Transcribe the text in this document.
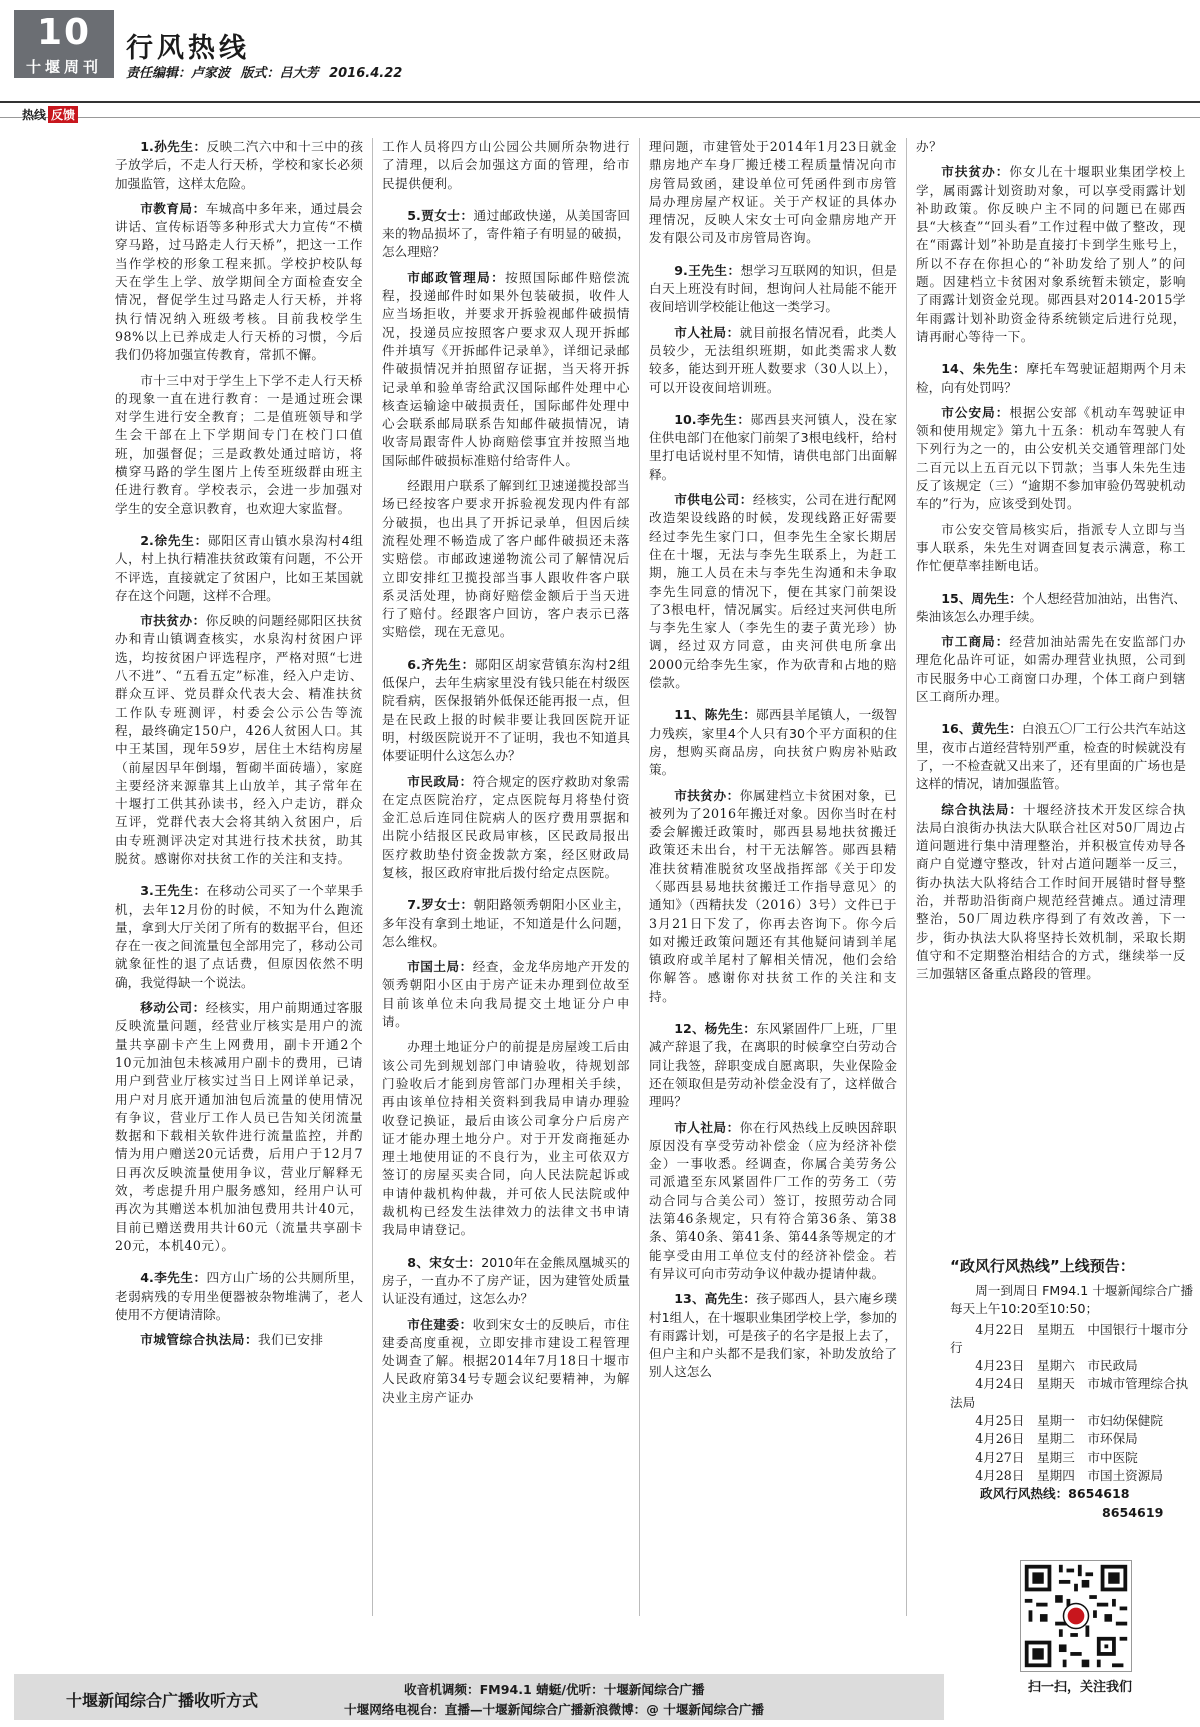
10
十堰周刊
行风热线
责任编辑：卢家波 版式：吕大芳 2016.4.22
热线 反馈

1.孙先生：反映二汽六中和十三中的孩子放学后，不走人行天桥，学校和家长必须加强监管，这样太危险。

市教育局：车城高中多年来，通过晨会讲话、宣传标语等多种形式大力宣传“不横穿马路，过马路走人行天桥”，把这一工作当作学校的形象工程来抓。学校护校队每天在学生上学、放学期间全方面检查安全情况，督促学生过马路走人行天桥，并将执行情况纳入班级考核。目前我校学生98%以上已养成走人行天桥的习惯，今后我们仍将加强宣传教育，常抓不懈。

市十三中对于学生上下学不走人行天桥的现象一直在进行教育：一是通过班会课对学生进行安全教育；二是值班领导和学生会干部在上下学期间专门在校门口值班，加强督促；三是政教处通过暗访，将横穿马路的学生图片上传至班级群由班主任进行教育。学校表示，会进一步加强对学生的安全意识教育，也欢迎大家监督。

2.徐先生：郧阳区青山镇水泉沟村4组人，村上执行精准扶贫政策有问题，不公开不评选，直接就定了贫困户，比如王某国就存在这个问题，这样不合理。

市扶贫办：你反映的问题经郧阳区扶贫办和青山镇调查核实，水泉沟村贫困户评选，均按贫困户评选程序，严格对照“七进八不进”、“五看五定”标准，经入户走访、群众互评、党员群众代表大会、精准扶贫工作队专班测评，村委会公示公告等流程，最终确定150户，426人贫困人口。其中王某国，现年59岁，居住土木结构房屋（前屋因早年倒塌，暂砌半面砖墙），家庭主要经济来源靠其上山放羊，其子常年在十堰打工供其孙读书，经入户走访，群众互评，党群代表大会将其纳入贫困户，后由专班测评决定对其进行技术扶贫，助其脱贫。感谢你对扶贫工作的关注和支持。

3.王先生：在移动公司买了一个苹果手机，去年12月份的时候，不知为什么跑流量，拿到大厅关闭了所有的数据平台，但还存在一夜之间流量包全部用完了，移动公司就象征性的退了点话费，但原因依然不明确，我觉得缺一个说法。

移动公司：经核实，用户前期通过客服反映流量问题，经营业厅核实是用户的流量共享副卡产生上网费用，副卡开通2个10元加油包未核减用户副卡的费用，已请用户到营业厅核实过当日上网详单记录，用户对月底开通加油包后流量的使用情况有争议，营业厅工作人员已告知关闭流量数据和下载相关软件进行流量监控，并酌情为用户赠送20元话费，后用户于12月7日再次反映流量使用争议，营业厅解释无效，考虑提升用户服务感知，经用户认可再次为其赠送本机加油包费用共计40元，目前已赠送费用共计60元（流量共享副卡20元，本机40元）。

4.李先生：四方山广场的公共厕所里，老弱病残的专用坐便器被杂物堆满了，老人使用不方便请清除。

市城管综合执法局：我们已安排

工作人员将四方山公园公共厕所杂物进行了清理，以后会加强这方面的管理，给市民提供便利。

5.贾女士：通过邮政快递，从美国寄回来的物品损坏了，寄件箱子有明显的破损，怎么理赔？

市邮政管理局：按照国际邮件赔偿流程，投递邮件时如果外包装破损，收件人应当场拒收，并要求开拆验视邮件破损情况，投递员应按照客户要求双人现开拆邮件并填写《开拆邮件记录单》，详细记录邮件破损情况并拍照留存证据，当天将开拆记录单和验单寄给武汉国际邮件处理中心核查运输途中破损责任，国际邮件处理中心会联系邮局联系告知邮件破损情况，请收寄局跟寄件人协商赔偿事宜并按照当地国际邮件破损标准赔付给寄件人。

经跟用户联系了解到红卫速递揽投部当场已经按客户要求开拆验视发现内件有部分破损，也出具了开拆记录单，但因后续流程处理不畅造成了客户邮件破损还未落实赔偿。市邮政速递物流公司了解情况后立即安排红卫揽投部当事人跟收件客户联系灵活处理，协商好赔偿金额后于当天进行了赔付。经跟客户回访，客户表示已落实赔偿，现在无意见。

6.齐先生：郧阳区胡家营镇东沟村2组低保户，去年生病家里没有钱只能在村级医院看病，医保报销外低保还能再报一点，但是在民政上报的时候非要让我回医院开证明，村级医院说开不了证明，我也不知道具体要证明什么这怎么办？

市民政局：符合规定的医疗救助对象需在定点医院治疗，定点医院每月将垫付资金汇总后连同住院病人的医疗费用票据和出院小结报区民政局审核，区民政局报出医疗救助垫付资金拨款方案，经区财政局复核，报区政府审批后拨付给定点医院。

7.罗女士：朝阳路领秀朝阳小区业主，多年没有拿到土地证，不知道是什么问题，怎么维权。

市国土局：经查，金龙华房地产开发的领秀朝阳小区由于房产证未办理到位故至目前该单位未向我局提交土地证分户申请。

办理土地证分户的前提是房屋竣工后由该公司先到规划部门申请验收，待规划部门验收后才能到房管部门办理相关手续，再由该单位持相关资料到我局申请办理验收登记换证，最后由该公司拿分户后房产证才能办理土地分户。对于开发商拖延办理土地使用证的不良行为，业主可依双方签订的房屋买卖合同，向人民法院起诉或申请仲裁机构仲裁，并可依人民法院或仲裁机构已经发生法律效力的法律文书申请我局申请登记。

8、宋女士：2010年在金熊凤凰城买的房子，一直办不了房产证，因为建管处质量认证没有通过，这怎么办？

市住建委：收到宋女士的反映后，市住建委高度重视，立即安排市建设工程管理处调查了解。根据2014年7月18日十堰市人民政府第34号专题会议纪要精神，为解决业主房产证办

理问题，市建管处于2014年1月23日就金鼎房地产车身厂搬迁楼工程质量情况向市房管局致函，建设单位可凭函件到市房管局办理房屋产权证。关于产权证的具体办理情况，反映人宋女士可向金鼎房地产开发有限公司及市房管局咨询。

9.王先生：想学习互联网的知识，但是白天上班没有时间，想询问人社局能不能开夜间培训学校能让他这一类学习。

市人社局：就目前报名情况看，此类人员较少，无法组织班期，如此类需求人数较多，能达到开班人数要求（30人以上），可以开设夜间培训班。

10.李先生：郧西县夹河镇人，没在家住供电部门在他家门前架了3根电线杆，给村里打电话说村里不知情，请供电部门出面解释。

市供电公司：经核实，公司在进行配网改造架设线路的时候，发现线路正好需要经过李先生家门口，但李先生全家长期居住在十堰，无法与李先生联系上，为赶工期，施工人员在未与李先生沟通和未争取李先生同意的情况下，便在其家门前架设了3根电杆，情况属实。后经过夹河供电所与李先生家人（李先生的妻子黄光珍）协调，经过双方同意，由夹河供电所拿出2000元给李先生家，作为砍青和占地的赔偿款。

11、陈先生：郧西县羊尾镇人，一级智力残疾，家里4个人只有30个平方面积的住房，想购买商品房，向扶贫户购房补贴政策。

市扶贫办：你属建档立卡贫困对象，已被列为了2016年搬迁对象。因你当时在村委会解搬迁政策时，郧西县易地扶贫搬迁政策还未出台，村干无法解答。郧西县精准扶贫精准脱贫攻坚战指挥部《关于印发〈郧西县易地扶贫搬迁工作指导意见〉的通知》（西精扶发（2016）3号）文件已于3月21日下发了，你再去咨询下。你今后如对搬迁政策问题还有其他疑问请到羊尾镇政府或羊尾村了解相关情况，他们会给你解答。感谢你对扶贫工作的关注和支持。

12、杨先生：东风紧固件厂上班，厂里减产辞退了我，在离职的时候拿空白劳动合同让我签，辞职变成自愿离职，失业保险金还在领取但是劳动补偿金没有了，这样做合理吗？

市人社局：你在行风热线上反映因辞职原因没有享受劳动补偿金（应为经济补偿金）一事收悉。经调查，你属合美劳务公司派遣至东风紧固件厂工作的劳务工（劳动合同与合美公司）签订，按照劳动合同法第46条规定，只有符合第36条、第38条、第40条、第41条、第44条等规定的才能享受由用工单位支付的经济补偿金。若有异议可向市劳动争议仲裁办提请仲裁。

13、高先生：孩子郧西人，县六庵乡璞村1组人，在十堰职业集团学校上学，参加的有雨露计划，可是孩子的名字是报上去了，但户主和户头都不是我们家，补助发放给了别人这怎么

办？

市扶贫办：你女儿在十堰职业集团学校上学，属雨露计划资助对象，可以享受雨露计划补助政策。你反映户主不同的问题已在郧西县“大核查”“回头看”工作过程中做了整改，现在“雨露计划”补助是直接打卡到学生账号上，所以不存在你担心的“补助发给了别人”的问题。因建档立卡贫困对象系统暂未锁定，影响了雨露计划资金兑现。郧西县对2014-2015学年雨露计划补助资金待系统锁定后进行兑现，请再耐心等待一下。

14、朱先生：摩托车驾驶证超期两个月未检，向有处罚吗？

市公安局：根据公安部《机动车驾驶证申领和使用规定》第九十五条：机动车驾驶人有下列行为之一的，由公安机关交通管理部门处二百元以上五百元以下罚款；当事人朱先生违反了该规定（三）“逾期不参加审验仍驾驶机动车的”行为，应该受到处罚。

市公安交管局核实后，指派专人立即与当事人联系，朱先生对调查回复表示满意，称工作忙便草率挂断电话。

15、周先生：个人想经营加油站，出售汽、柴油该怎么办理手续。

市工商局：经营加油站需先在安监部门办理危化品许可证，如需办理营业执照，公司到市民服务中心工商窗口办理，个体工商户到辖区工商所办理。

16、黄先生：白浪五〇厂工行公共汽车站这里，夜市占道经营特别严重，检查的时候就没有了，一不检查就又出来了，还有里面的广场也是这样的情况，请加强监管。

综合执法局：十堰经济技术开发区综合执法局白浪街办执法大队联合社区对50厂周边占道问题进行集中清理整治，并积极宣传劝导各商户自觉遵守整改，针对占道问题举一反三，街办执法大队将结合工作时间开展错时督导整治，并帮助沿街商户规范经营摊点。通过清理整治，50厂周边秩序得到了有效改善，下一步，街办执法大队将坚持长效机制，采取长期值守和不定期整治相结合的方式，继续举一反三加强辖区备重点路段的管理。

“政风行风热线”上线预告：
周一到周日 FM94.1 十堰新闻综合广播每天上午10:20至10:50；
4月22日　星期五　中国银行十堰市分行
4月23日　星期六　市民政局
4月24日　星期天　市城市管理综合执法局
4月25日　星期一　市妇幼保健院
4月26日　星期二　市环保局
4月27日　星期三　市中医院
4月28日　星期四　市国土资源局
政风行风热线：8654618
8654619
扫一扫，关注我们
十堰新闻综合广播收听方式
收音机调频：FM94.1 蜻蜓/优听：十堰新闻综合广播
十堰网络电视台：直播—十堰新闻综合广播新浪微博：@ 十堰新闻综合广播
